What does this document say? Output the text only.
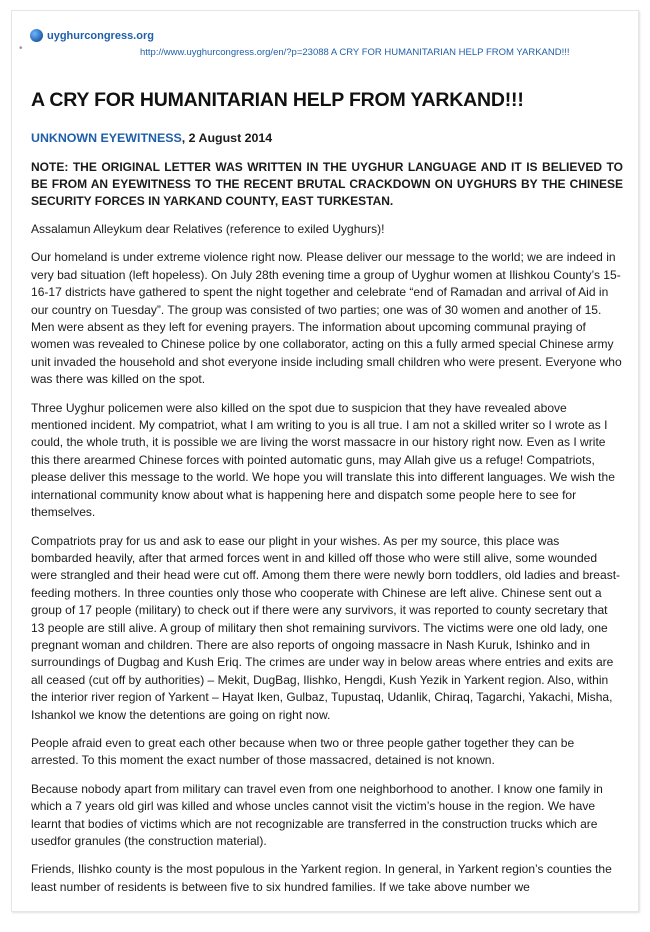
•
uyghurcongress.org
http://www.uyghurcongress.org/en/?p=23088 A CRY FOR HUMANITARIAN HELP FROM YARKAND!!!
A CRY FOR HUMANITARIAN HELP FROM YARKAND!!!
UNKNOWN EYEWITNESS, 2 August 2014

NOTE: THE ORIGINAL LETTER WAS WRITTEN IN THE UYGHUR LANGUAGE AND IT IS BELIEVED TO BE FROM AN EYEWITNESS TO THE RECENT BRUTAL CRACKDOWN ON UYGHURS BY THE CHINESE SECURITY FORCES IN YARKAND COUNTY, EAST TURKESTAN.

Assalamun Alleykum dear Relatives (reference to exiled Uyghurs)!

Our homeland is under extreme violence right now. Please deliver our message to the world; we are indeed in very bad situation (left hopeless). On July 28th evening time a group of Uyghur women at Ilishkou County’s 15-16-17 districts have gathered to spent the night together and celebrate “end of Ramadan and arrival of Aid in our country on Tuesday”. The group was consisted of two parties; one was of 30 women and another of 15. Men were absent as they left for evening prayers. The information about upcoming communal praying of women was revealed to Chinese police by one collaborator, acting on this a fully armed special Chinese army unit invaded the household and shot everyone inside including small children who were present. Everyone who was there was killed on the spot.

Three Uyghur policemen were also killed on the spot due to suspicion that they have revealed above mentioned incident. My compatriot, what I am writing to you is all true. I am not a skilled writer so I wrote as I could, the whole truth, it is possible we are living the worst massacre in our history right now. Even as I write this there arearmed Chinese forces with pointed automatic guns, may Allah give us a refuge! Compatriots, please deliver this message to the world. We hope you will translate this into different languages. We wish the international community know about what is happening here and dispatch some people here to see for themselves.

Compatriots pray for us and ask to ease our plight in your wishes. As per my source, this place was bombarded heavily, after that armed forces went in and killed off those who were still alive, some wounded were strangled and their head were cut off. Among them there were newly born toddlers, old ladies and breast-feeding mothers. In three counties only those who cooperate with Chinese are left alive. Chinese sent out a group of 17 people (military) to check out if there were any survivors, it was reported to county secretary that 13 people are still alive. A group of military then shot remaining survivors. The victims were one old lady, one pregnant woman and children. There are also reports of ongoing massacre in Nash Kuruk, Ishinko and in surroundings of Dugbag and Kush Eriq. The crimes are under way in below areas where entries and exits are all ceased (cut off by authorities) – Mekit, DugBag, Ilishko, Hengdi, Kush Yezik in Yarkent region. Also, within the interior river region of Yarkent – Hayat Iken, Gulbaz, Tupustaq, Udanlik, Chiraq, Tagarchi, Yakachi, Misha, Ishankol we know the detentions are going on right now.

People afraid even to great each other because when two or three people gather together they can be arrested. To this moment the exact number of those massacred, detained is not known.

Because nobody apart from military can travel even from one neighborhood to another. I know one family in which a 7 years old girl was killed and whose uncles cannot visit the victim’s house in the region. We have learnt that bodies of victims which are not recognizable are transferred in the construction trucks which are usedfor granules (the construction material).

Friends, Ilishko county is the most populous in the Yarkent region. In general, in Yarkent region’s counties the least number of residents is between five to six hundred families. If we take above number we
